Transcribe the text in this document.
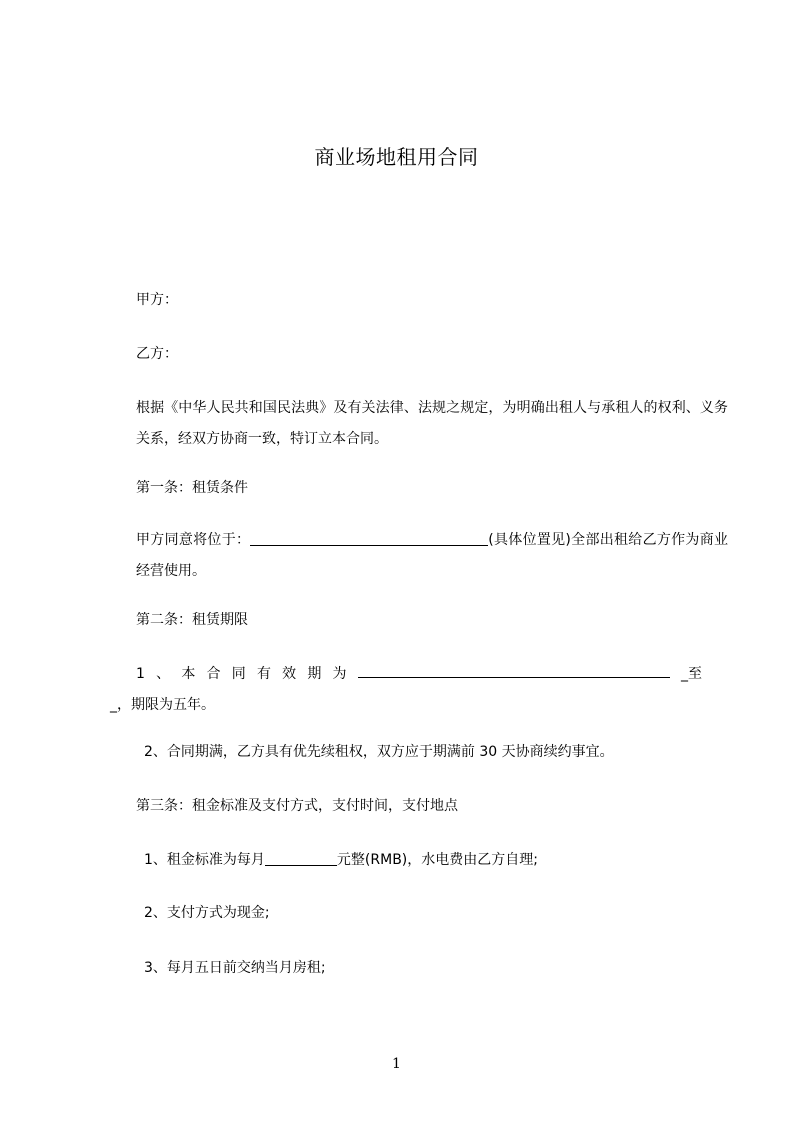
商业场地租用合同
甲方：
乙方：
根据《中华人民共和国民法典》及有关法律、法规之规定，为明确出租人与承租人的权利、义务关系，经双方协商一致，特订立本合同。
第一条：租赁条件
甲方同意将位于：	(具体位置见)全部出租给乙方作为商业经营使用。
第二条：租赁期限
1 、 本 合 同 有 效 期 为	_至
_，期限为五年。
2、合同期满，乙方具有优先续租权，双方应于期满前 30 天协商续约事宜。
第三条：租金标准及支付方式，支付时间，支付地点
1、租金标准为每月	元整(RMB)，水电费由乙方自理;
2、支付方式为现金;
3、每月五日前交纳当月房租;
1
